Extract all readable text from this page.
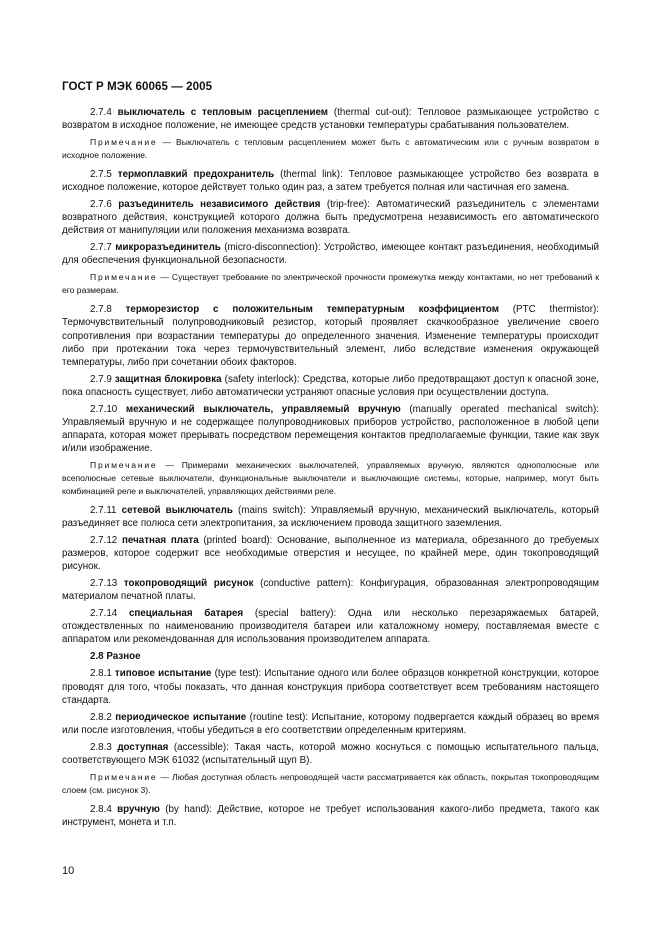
ГОСТ Р МЭК 60065 — 2005

2.7.4 выключатель с тепловым расцеплением (thermal cut-out): Тепловое размыкающее устройство с возвратом в исходное положение, не имеющее средств установки температуры срабатывания пользователем.

Примечание — Выключатель с тепловым расцеплением может быть с автоматическим или с ручным возвратом в исходное положение.

2.7.5 термоплавкий предохранитель (thermal link): Тепловое размыкающее устройство без возврата в исходное положение, которое действует только один раз, а затем требуется полная или частичная его замена.

2.7.6 разъединитель независимого действия (trip-free): Автоматический разъединитель с элементами возвратного действия, конструкцией которого должна быть предусмотрена независимость его автоматического действия от манипуляции или положения механизма возврата.

2.7.7 микроразъединитель (micro-disconnection): Устройство, имеющее контакт разъединения, необходимый для обеспечения функциональной безопасности.

Примечание — Существует требование по электрической прочности промежутка между контактами, но нет требований к его размерам.

2.7.8 терморезистор с положительным температурным коэффициентом (PTC thermistor): Термочувствительный полупроводниковый резистор, который проявляет скачкообразное увеличение своего сопротивления при возрастании температуры до определенного значения. Изменение температуры происходит либо при протекании тока через термочувствительный элемент, либо вследствие изменения окружающей температуры, либо при сочетании обоих факторов.

2.7.9 защитная блокировка (safety interlock): Средства, которые либо предотвращают доступ к опасной зоне, пока опасность существует, либо автоматически устраняют опасные условия при осуществлении доступа.

2.7.10 механический выключатель, управляемый вручную (manually operated mechanical switch): Управляемый вручную и не содержащее полупроводниковых приборов устройство, расположенное в любой цепи аппарата, которая может прерывать посредством перемещения контактов предполагаемые функции, такие как звук и/или изображение.

Примечание — Примерами механических выключателей, управляемых вручную, являются однополюсные или всеполюсные сетевые выключатели, функциональные выключатели и выключающие системы, которые, например, могут быть комбинацией реле и выключателей, управляющих действиями реле.

2.7.11 сетевой выключатель (mains switch): Управляемый вручную, механический выключатель, который разъединяет все полюса сети электропитания, за исключением провода защитного заземления.

2.7.12 печатная плата (printed board): Основание, выполненное из материала, обрезанного до требуемых размеров, которое содержит все необходимые отверстия и несущее, по крайней мере, один токопроводящий рисунок.

2.7.13 токопроводящий рисунок (conductive pattern): Конфигурация, образованная электропроводящим материалом печатной платы.

2.7.14 специальная батарея (special battery): Одна или несколько перезаряжаемых батарей, отождествленных по наименованию производителя батареи или каталожному номеру, поставляемая вместе с аппаратом или рекомендованная для использования производителем аппарата.

2.8 Разное

2.8.1 типовое испытание (type test): Испытание одного или более образцов конкретной конструкции, которое проводят для того, чтобы показать, что данная конструкция прибора соответствует всем требованиям настоящего стандарта.

2.8.2 периодическое испытание (routine test): Испытание, которому подвергается каждый образец во время или после изготовления, чтобы убедиться в его соответствии определенным критериям.

2.8.3 доступная (accessible): Такая часть, которой можно коснуться с помощью испытательного пальца, соответствующего МЭК 61032 (испытательный щуп В).

Примечание — Любая доступная область непроводящей части рассматривается как область, покрытая токопроводящим слоем (см. рисунок 3).

2.8.4 вручную (by hand): Действие, которое не требует использования какого-либо предмета, такого как инструмент, монета и т.п.

10
